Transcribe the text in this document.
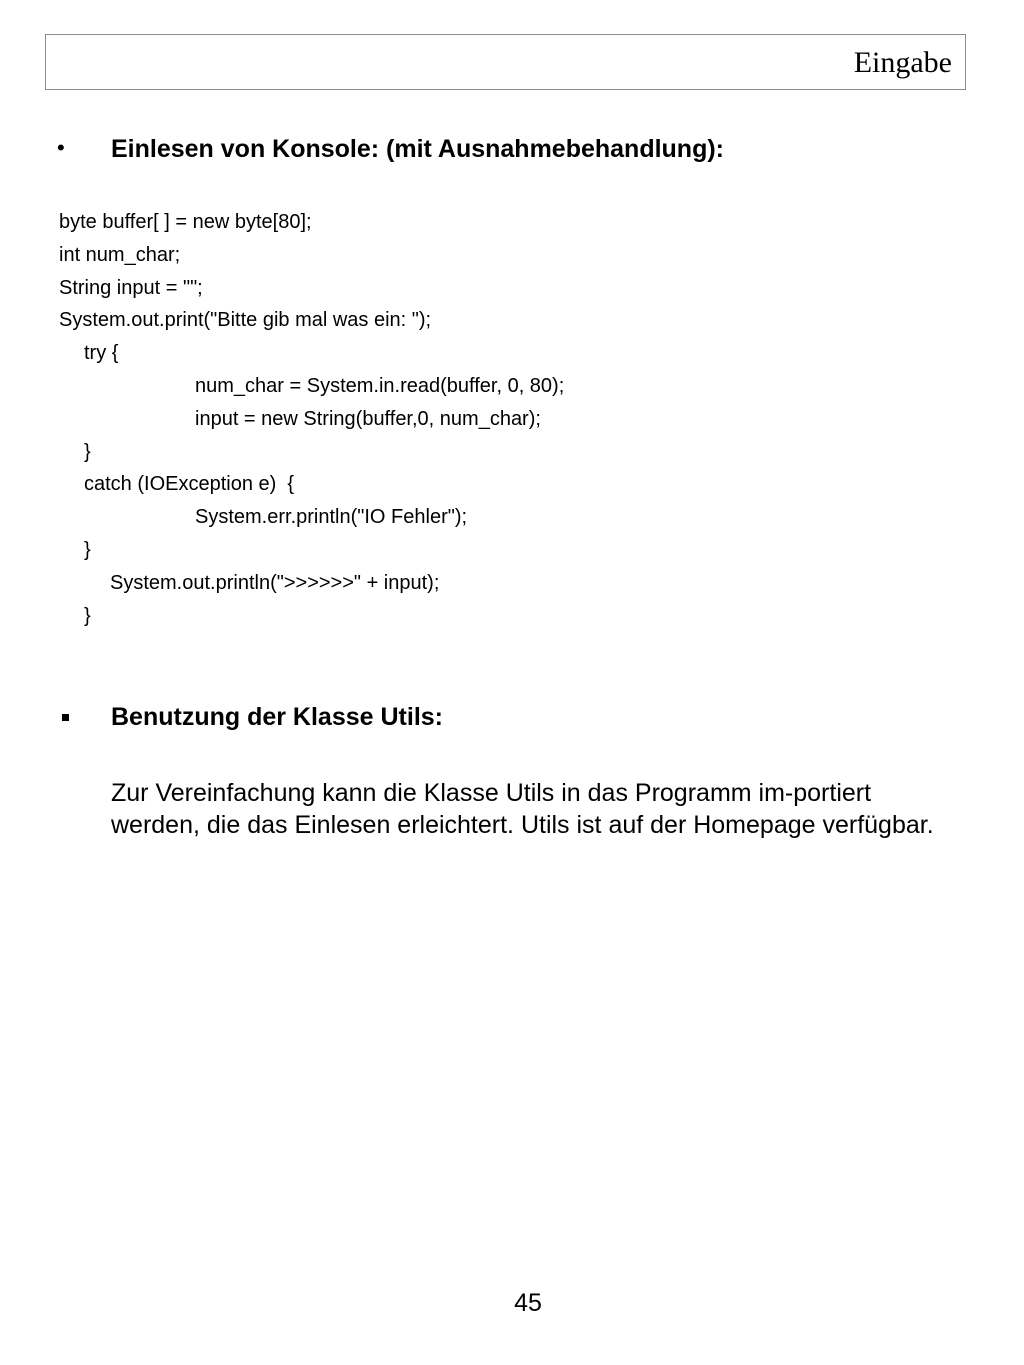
Eingabe
• Einlesen von Konsole: (mit Ausnahmebehandlung):
byte buffer[ ] = new byte[80];
int num_char;
String input = "";
System.out.print("Bitte gib mal was ein: ");
try {
num_char = System.in.read(buffer, 0, 80);
input = new String(buffer,0, num_char);
}
catch (IOException e)  {
System.err.println("IO Fehler");
}
System.out.println(">>>>>>" + input);
}
Benutzung der Klasse Utils:
Zur Vereinfachung kann die Klasse Utils in das Programm im-portiert werden, die das Einlesen erleichtert. Utils ist auf der Homepage verfügbar.
45
